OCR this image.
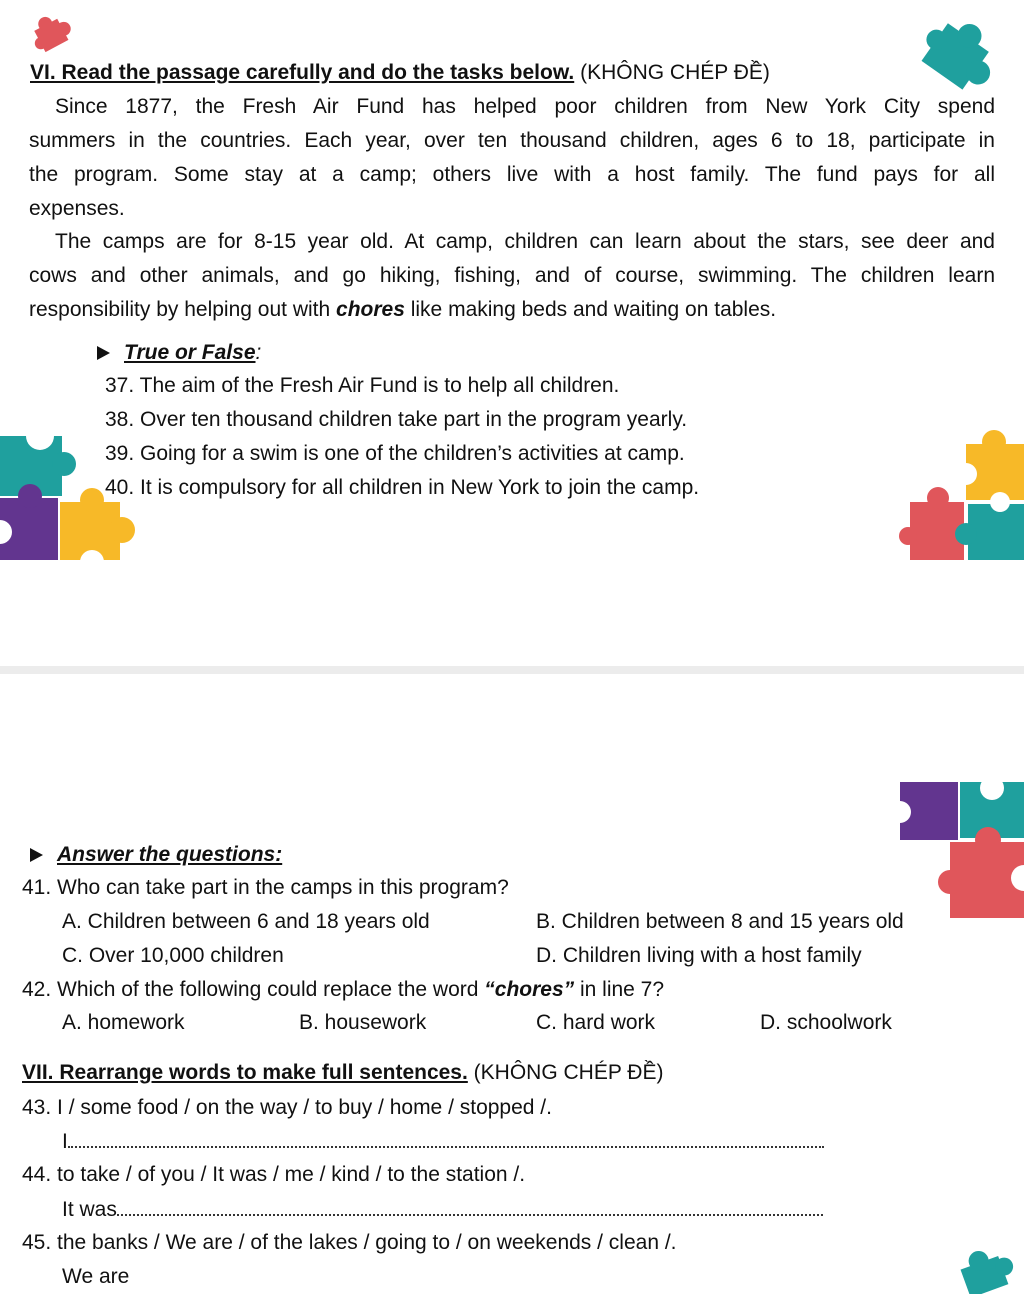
VI. Read the passage carefully and do the tasks below. (KHÔNG CHÉP ĐỀ)
Since 1877, the Fresh Air Fund has helped poor children from New York City spend
summers in the countries. Each year, over ten thousand children, ages 6 to 18, participate in
the program. Some stay at a camp; others live with a host family. The fund pays for all
expenses.
The camps are for 8-15 year old. At camp, children can learn about the stars, see deer and
cows and other animals, and go hiking, fishing, and of course, swimming. The children learn
responsibility by helping out with chores like making beds and waiting on tables.
True or False:
37. The aim of the Fresh Air Fund is to help all children.
38. Over ten thousand children take part in the program yearly.
39. Going for a swim is one of the children’s activities at camp.
40. It is compulsory for all children in New York to join the camp.
Answer the questions:
41. Who can take part in the camps in this program?
A. Children between 6 and 18 years old	B. Children between 8 and 15 years old
C. Over 10,000 children	D. Children living with a host family
42. Which of the following could replace the word “chores” in line 7?
A. homework	B. housework	C. hard work	D. schoolwork
VII. Rearrange words to make full sentences. (KHÔNG CHÉP ĐỀ)
43. I / some food / on the way / to buy / home / stopped /.
I
44. to take / of you / It was / me / kind / to the station /.
It was
45. the banks / We are / of the lakes / going to / on weekends / clean /.
We are
